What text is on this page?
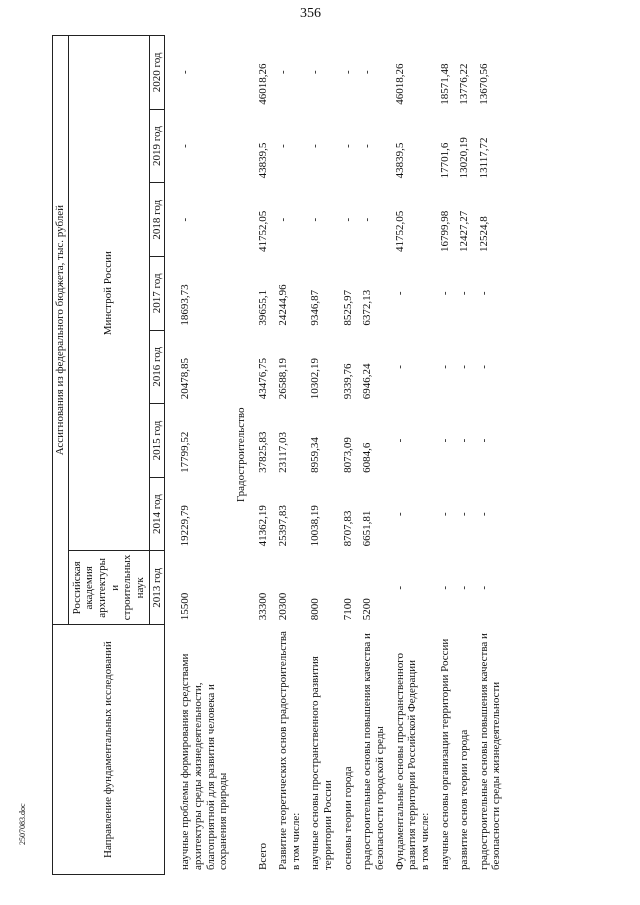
356
Направление фундаментальных исследований	Ассигнования из федерального бюджета, тыс. рублей							
	Российская академия архитектуры и строительных наук	Минстрой России						
	2013 год	2014 год	2015 год	2016 год	2017 год	2018 год	2019 год	2020 год
научные проблемы формирования средствами архитектуры среды жизнедеятельности, благоприятной для развития человека и сохранения природы	15500	19229,79	17799,52	20478,85	18693,73	-	-	-
Градостроительство								
Всего	33300	41362,19	37825,83	43476,75	39655,1	41752,05	43839,5	46018,26
Развитие теоретических основ градостроительства
в том числе:	20300	25397,83	23117,03	26588,19	24244,96	-	-	-
научные основы пространственного развития территории России	8000	10038,19	8959,34	10302,19	9346,87	-	-	-
основы теории города	7100	8707,83	8073,09	9339,76	8525,97	-	-	-
градостроительные основы повышения качества и безопасности городской среды	5200	6651,81	6084,6	6946,24	6372,13	-	-	-
Фундаментальные основы пространственного развития территории Российской Федерации
в том числе:	-	-	-	-	-	41752,05	43839,5	46018,26
научные основы организации территории России	-	-	-	-	-	16799,98	17701,6	18571,48
развитие основ теории города	-	-	-	-	-	12427,27	13020,19	13776,22
градостроительные основы повышения качества и безопасности среды жизнедеятельности	-	-	-	-	-	12524,8	13117,72	13670,56
2507083.doc
